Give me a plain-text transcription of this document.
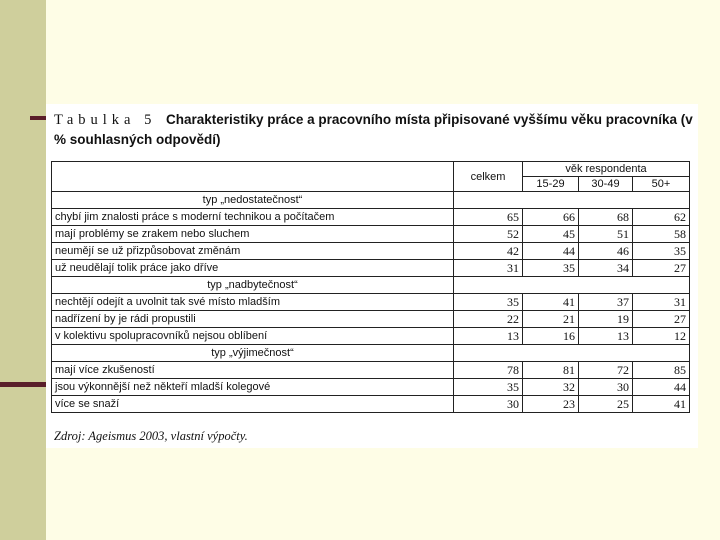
Tabulka 5 Charakteristiky práce a pracovního místa připisované vyššímu věku pracovníka (v % souhlasných odpovědí)
	celkem	věk respondenta		
		15-29	30-49	50+
typ „nedostatečnost“				
chybí jim znalosti práce s moderní technikou a počítačem	65	66	68	62
mají problémy se zrakem nebo sluchem	52	45	51	58
neumějí se už přizpůsobovat změnám	42	44	46	35
už neudělají tolik práce jako dříve	31	35	34	27
typ „nadbytečnost“				
nechtějí odejít a uvolnit tak své místo mladším	35	41	37	31
nadřízení by je rádi propustili	22	21	19	27
v kolektivu spolupracovníků nejsou oblíbení	13	16	13	12
typ „výjimečnost“				
mají více zkušeností	78	81	72	85
jsou výkonnější než někteří mladší kolegové	35	32	30	44
více se snaží	30	23	25	41
Zdroj: Ageismus 2003, vlastní výpočty.
